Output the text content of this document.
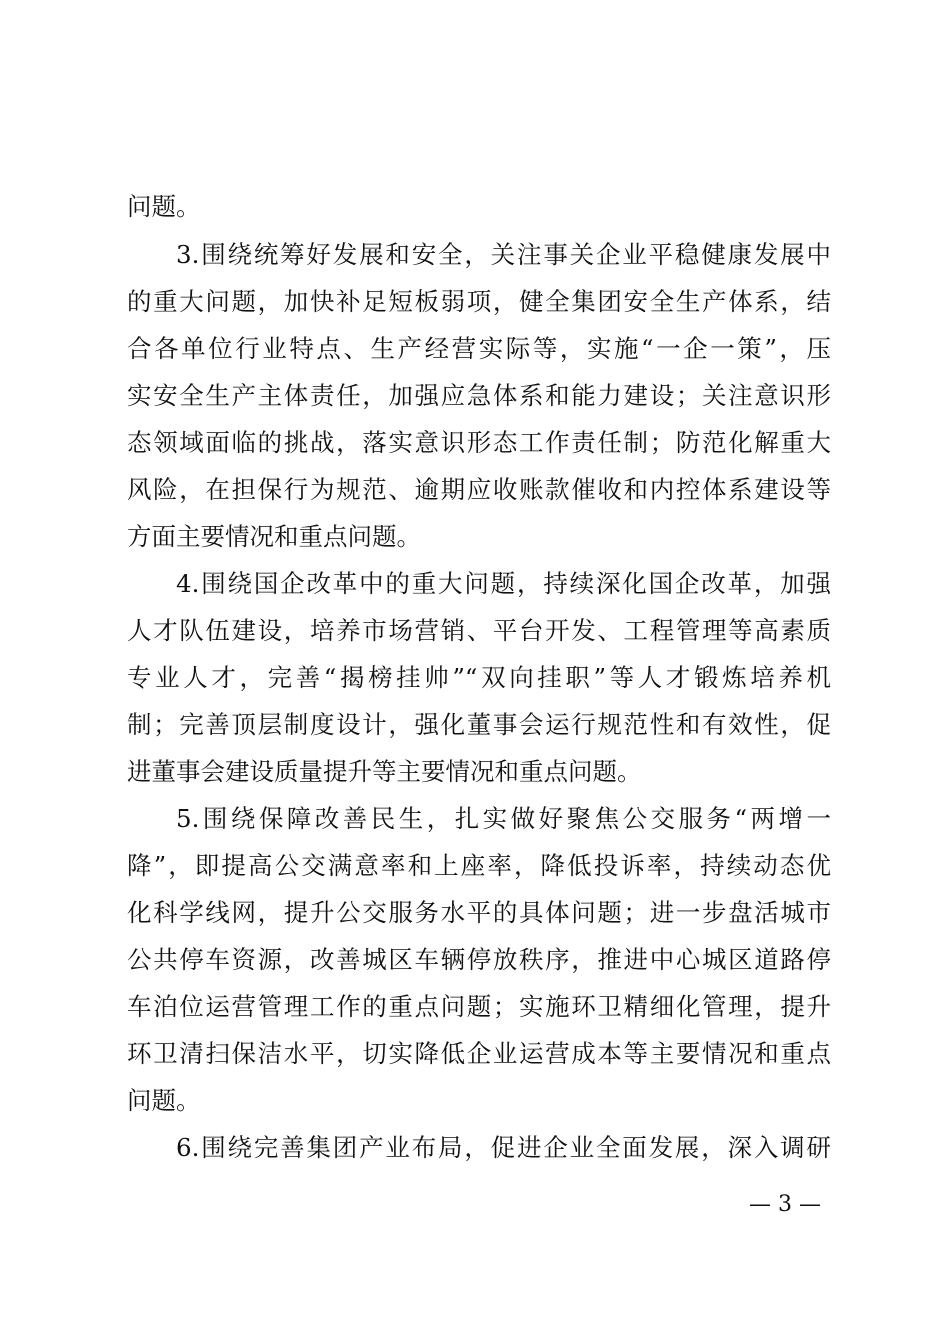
问题。
3.围绕统筹好发展和安全，关注事关企业平稳健康发展中
的重大问题，加快补足短板弱项，健全集团安全生产体系，结
合各单位行业特点、生产经营实际等，实施“一企一策”，压
实安全生产主体责任，加强应急体系和能力建设；关注意识形
态领域面临的挑战，落实意识形态工作责任制；防范化解重大
风险，在担保行为规范、逾期应收账款催收和内控体系建设等
方面主要情况和重点问题。
4.围绕国企改革中的重大问题，持续深化国企改革，加强
人才队伍建设，培养市场营销、平台开发、工程管理等高素质
专业人才，完善“揭榜挂帅”“双向挂职”等人才锻炼培养机
制；完善顶层制度设计，强化董事会运行规范性和有效性，促
进董事会建设质量提升等主要情况和重点问题。
5.围绕保障改善民生，扎实做好聚焦公交服务“两增一
降”，即提高公交满意率和上座率，降低投诉率，持续动态优
化科学线网，提升公交服务水平的具体问题；进一步盘活城市
公共停车资源，改善城区车辆停放秩序，推进中心城区道路停
车泊位运营管理工作的重点问题；实施环卫精细化管理，提升
环卫清扫保洁水平，切实降低企业运营成本等主要情况和重点
问题。
6.围绕完善集团产业布局，促进企业全面发展，深入调研
— 3 —
